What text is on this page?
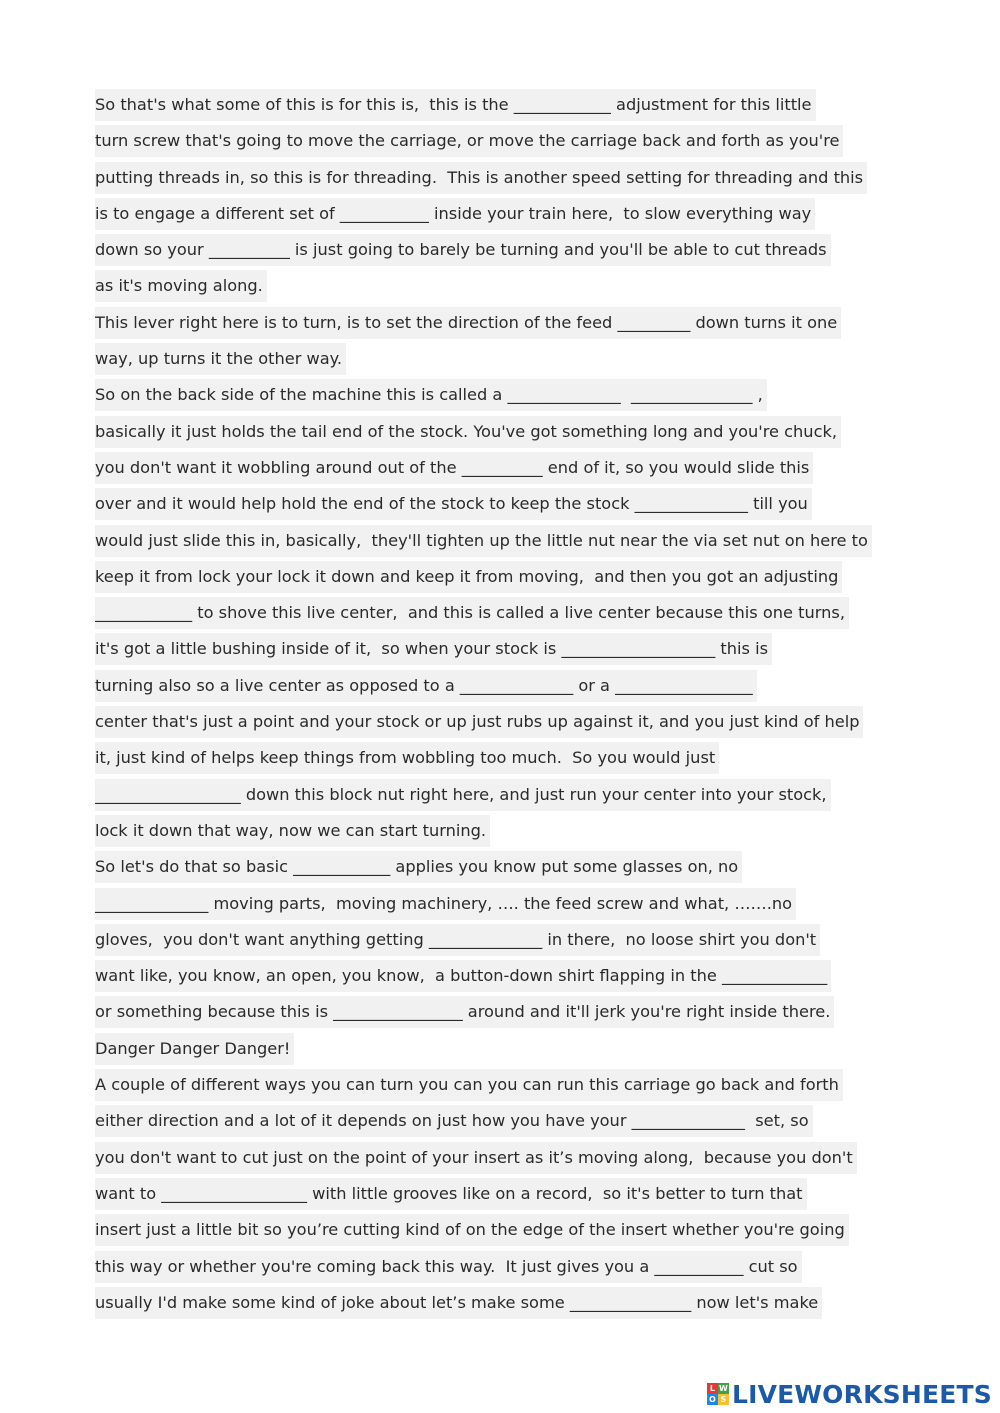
So that's what some of this is for this is,  this is the ____________ adjustment for this little
turn screw that's going to move the carriage, or move the carriage back and forth as you're
putting threads in, so this is for threading.  This is another speed setting for threading and this
is to engage a different set of ___________ inside your train here,  to slow everything way
down so your __________ is just going to barely be turning and you'll be able to cut threads
as it's moving along.
This lever right here is to turn, is to set the direction of the feed _________ down turns it one
way, up turns it the other way.
So on the back side of the machine this is called a ______________  _______________ ,
basically it just holds the tail end of the stock. You've got something long and you're chuck,
you don't want it wobbling around out of the __________ end of it, so you would slide this
over and it would help hold the end of the stock to keep the stock ______________ till you
would just slide this in, basically,  they'll tighten up the little nut near the via set nut on here to
keep it from lock your lock it down and keep it from moving,  and then you got an adjusting
____________ to shove this live center,  and this is called a live center because this one turns,
it's got a little bushing inside of it,  so when your stock is ___________________ this is
turning also so a live center as opposed to a ______________ or a _________________
center that's just a point and your stock or up just rubs up against it, and you just kind of help
it, just kind of helps keep things from wobbling too much.  So you would just
__________________ down this block nut right here, and just run your center into your stock,
lock it down that way, now we can start turning.
So let's do that so basic ____________ applies you know put some glasses on, no
______________ moving parts,  moving machinery, …. the feed screw and what, …….no
gloves,  you don't want anything getting ______________ in there,  no loose shirt you don't
want like, you know, an open, you know,  a button-down shirt flapping in the _____________
or something because this is ________________ around and it'll jerk you're right inside there.
Danger Danger Danger!
A couple of different ways you can turn you can you can run this carriage go back and forth
either direction and a lot of it depends on just how you have your ______________  set, so
you don't want to cut just on the point of your insert as it’s moving along,  because you don't
want to __________________ with little grooves like on a record,  so it's better to turn that
insert just a little bit so you’re cutting kind of on the edge of the insert whether you're going
this way or whether you're coming back this way.  It just gives you a ___________ cut so
usually I'd make some kind of joke about let’s make some _______________ now let's make
L W
O S LIVEWORKSHEETS
